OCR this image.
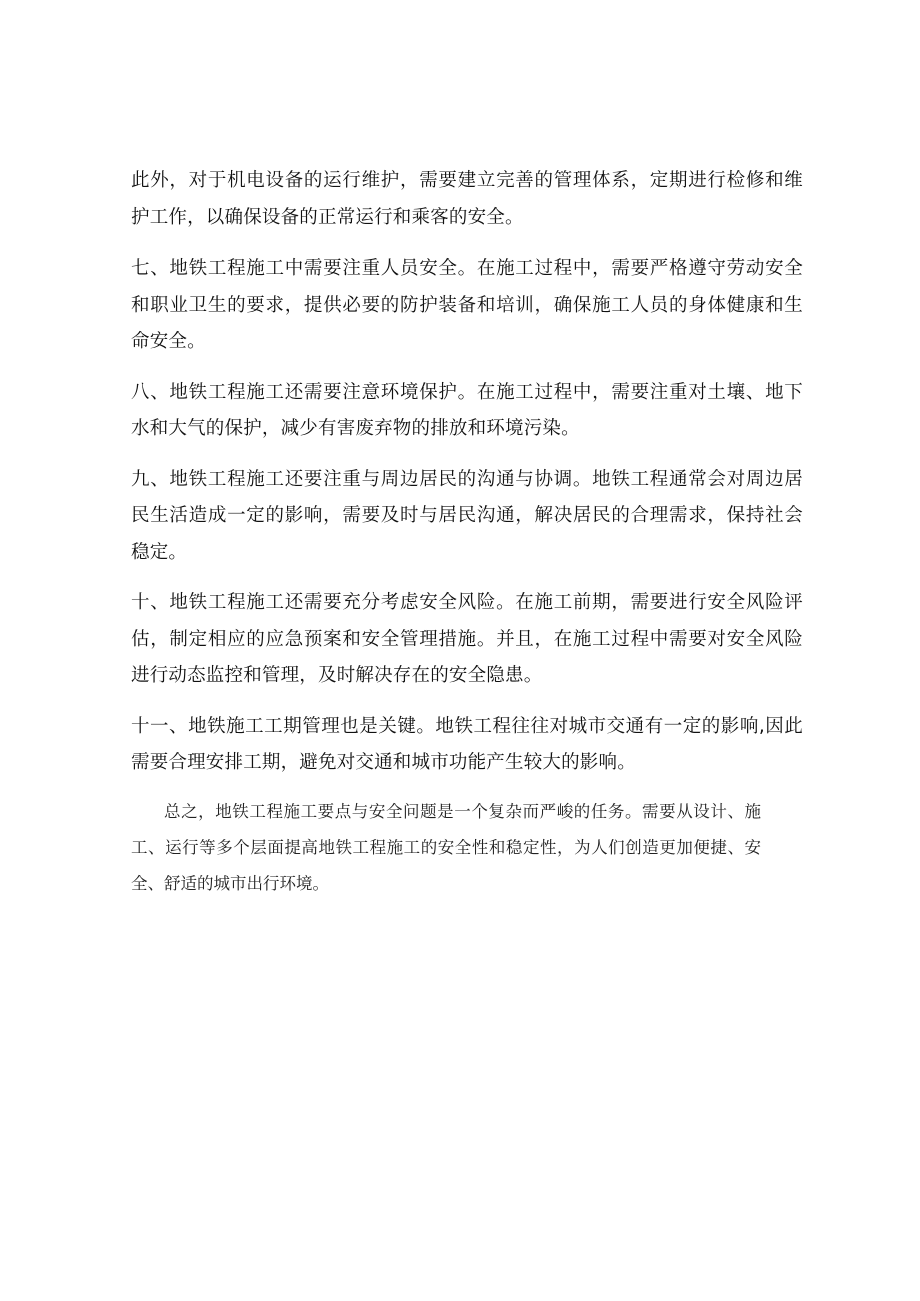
此外，对于机电设备的运行维护，需要建立完善的管理体系，定期进行检修和维护工作，以确保设备的正常运行和乘客的安全。

七、地铁工程施工中需要注重人员安全。在施工过程中，需要严格遵守劳动安全和职业卫生的要求，提供必要的防护装备和培训，确保施工人员的身体健康和生命安全。

八、地铁工程施工还需要注意环境保护。在施工过程中，需要注重对土壤、地下水和大气的保护，减少有害废弃物的排放和环境污染。

九、地铁工程施工还要注重与周边居民的沟通与协调。地铁工程通常会对周边居民生活造成一定的影响，需要及时与居民沟通，解决居民的合理需求，保持社会稳定。

十、地铁工程施工还需要充分考虑安全风险。在施工前期，需要进行安全风险评估，制定相应的应急预案和安全管理措施。并且，在施工过程中需要对安全风险进行动态监控和管理，及时解决存在的安全隐患。

十一、地铁施工工期管理也是关键。地铁工程往往对城市交通有一定的影响,因此需要合理安排工期，避免对交通和城市功能产生较大的影响。

总之，地铁工程施工要点与安全问题是一个复杂而严峻的任务。需要从设计、施工、运行等多个层面提高地铁工程施工的安全性和稳定性，为人们创造更加便捷、安全、舒适的城市出行环境。
